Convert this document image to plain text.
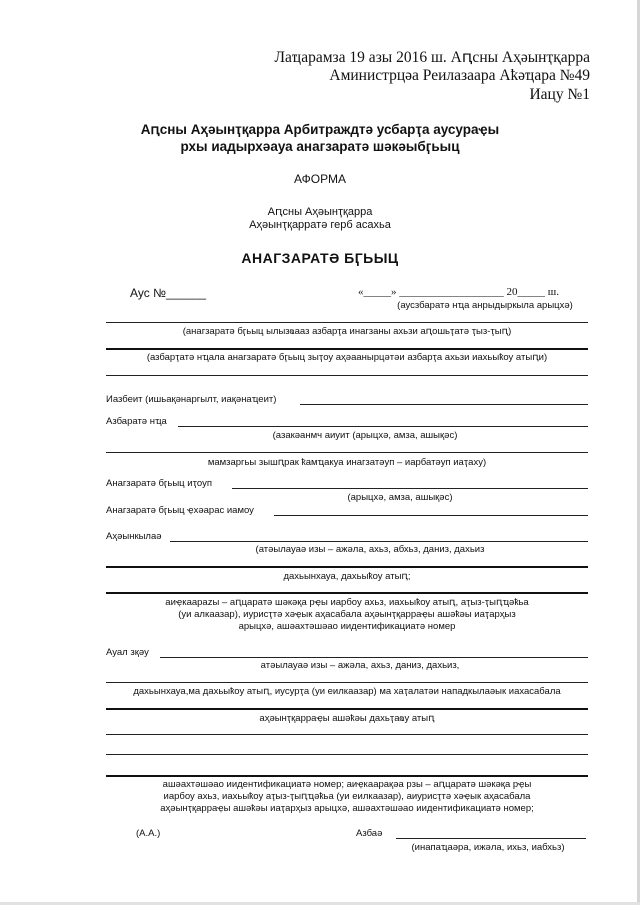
Лаҵарамза 19 азы 2016 ш. Аԥсны Аҳәынҭқарра
Аминистрцәа Реилазаара Аҟәҵара №49
Иацу №1
Аԥсны Аҳәынҭқарра Арбитраждтә усбарҭа аусураҿы
рхы иадырхәауа анагзаратә шәкәыбӷьыц
АФОРМА
Аԥсны Аҳәынҭқарра
Аҳәынҭқарратә герб асахьа
АНАГЗАРАТӘ БӶЬЫЦ
Аус №______	«_____» ___________________ 20_____ ш.
(аусзбаратә нҵа анрыдыркыла арыцхә)
(анагзаратә бӷьыц ылызҩааз азбарҭа инагзаны ахьзи аԥошьҭатә ҭыз-ҭыԥ)
(азбарҭатә нҵала анагзаратә бӷьыц зыҭоу аҳәаанырцәтәи азбарҭа ахьзи иахьыҟоу атыԥи)
Иазбеит (ишьақәнаргылт, иақәнаҵеит)
Азбаратә нҵа
(азакәанмч аиуит (арыцхә, амза, ашықәс)
мамзаргьы зышԥрак ҟамҵакуа инагзатәуп – иарбатәуп иаҭаху)
Анагзаратә бӷьыц иҭоуп
(арыцхә, амза, ашықәс)
Анагзаратә бӷьыц ҿхәарас иамоу
Аҳәынкылаә
(атәылауаә изы – ажәла, ахьз, абхьз, даниз, дахьиз
дахьынхауа, дахьыҟоу атыԥ;
аиҿкаарazы – аԥцаратә шәкәқа рҿы иарбоу ахьз, иахьыҟоу атыԥ, аҭыз-ҭыԥҵәҟьа
(уи алкаазар), иурисҭтә хәҿык аҳасабала аҳәынҭқарраҿы ашәҟәы иаҭарҳыз
арыцхә, ашәахтәшәао иидентификациатә номер
Ауал зқәу
атәылауаә изы – ажәла, ахьз, даниз, дахьиз,
дахьынхауа,ма дахьыҟоу атыԥ, иусурҭа (уи еилкаазар) ма хаҭалатәи нападкылаәык иахасабала
аҳәынҭқарраҿы ашәҟәы дахьҭаҩу атыԥ
ашәахтәшәао иидентификациатә номер; аиҿкаарақәа рзы – аԥцаратә шәкәқа рҿы
иарбоу ахьз, иахьыҟоу аҭыз-ҭыԥҵәҟьа (уи еилкаазар), аиурисҭтә хәҿык аҳасабала
аҳәынҭқарраҿы ашәҟәы иаҭарҳыз арыцхә, ашәахтәшәао иидентификациатә номер;
(А.А.)	Азбаә
(инапаҵаәра, ижәла, ихьз, иабхьз)
